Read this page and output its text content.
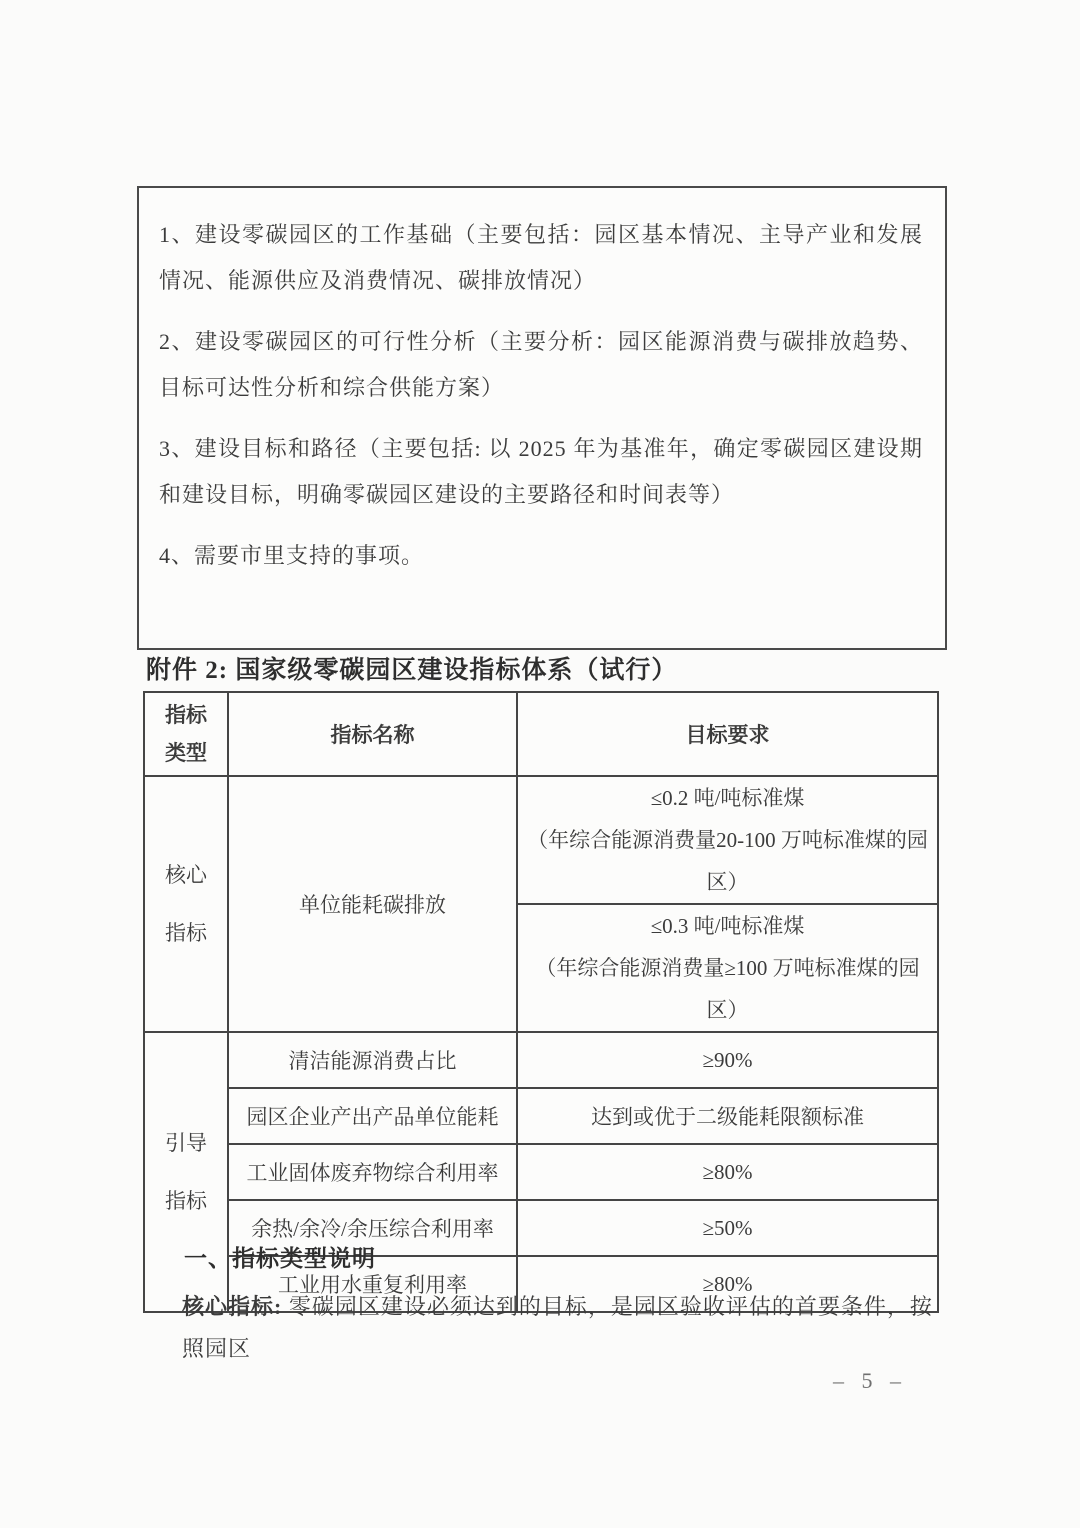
1、建设零碳园区的工作基础（主要包括：园区基本情况、主导产业和发展情况、能源供应及消费情况、碳排放情况）

2、建设零碳园区的可行性分析（主要分析：园区能源消费与碳排放趋势、目标可达性分析和综合供能方案）

3、建设目标和路径（主要包括: 以 2025 年为基准年，确定零碳园区建设期和建设目标，明确零碳园区建设的主要路径和时间表等）

4、需要市里支持的事项。

附件 2: 国家级零碳园区建设指标体系（试行）
指标
类型	指标名称	目标要求

核心
指标	单位能耗碳排放	≤0.2 吨/吨标准煤
（年综合能源消费量20-100 万吨标准煤的园区）

		≤0.3 吨/吨标准煤
（年综合能源消费量≥100 万吨标准煤的园区）

引导
指标	清洁能源消费占比	≥90%
	园区企业产出产品单位能耗	达到或优于二级能耗限额标准
	工业固体废弃物综合利用率	≥80%
	余热/余冷/余压综合利用率	≥50%
	工业用水重复利用率	≥80%
一、指标类型说明
核心指标: 零碳园区建设必须达到的目标，是园区验收评估的首要条件，按照园区
– 5 –
